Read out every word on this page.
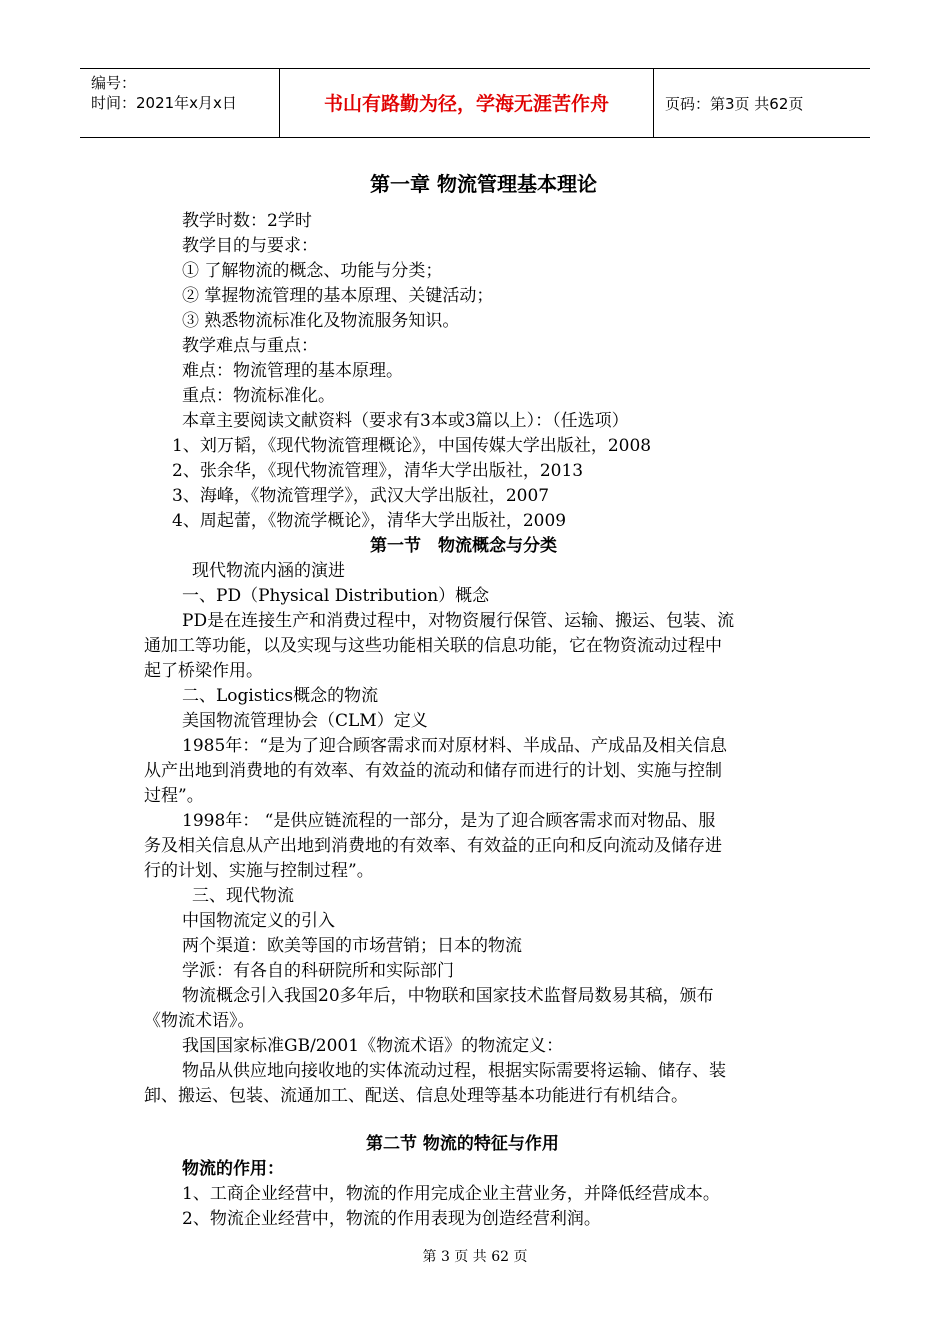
编号：
时间：2021年x月x日	书山有路勤为径，学海无涯苦作舟	页码：第3页 共62页
第一章 物流管理基本理论
教学时数：2学时
教学目的与要求：
① 了解物流的概念、功能与分类；
② 掌握物流管理的基本原理、关键活动；
③ 熟悉物流标准化及物流服务知识。
教学难点与重点：
难点：物流管理的基本原理。
重点：物流标准化。
本章主要阅读文献资料（要求有3本或3篇以上）：（任选项）
1、刘万韬，《现代物流管理概论》，中国传媒大学出版社，2008
2、张余华，《现代物流管理》，清华大学出版社，2013
3、海峰，《物流管理学》，武汉大学出版社，2007
4、周起蕾，《物流学概论》，清华大学出版社，2009
第一节　物流概念与分类
现代物流内涵的演进
一、PD（Physical Distribution）概念
PD是在连接生产和消费过程中，对物资履行保管、运输、搬运、包装、流
通加工等功能，以及实现与这些功能相关联的信息功能，它在物资流动过程中
起了桥梁作用。
二、Logistics概念的物流
美国物流管理协会（CLM）定义
1985年：“是为了迎合顾客需求而对原材料、半成品、产成品及相关信息
从产出地到消费地的有效率、有效益的流动和储存而进行的计划、实施与控制
过程”。
1998年： “是供应链流程的一部分，是为了迎合顾客需求而对物品、服
务及相关信息从产出地到消费地的有效率、有效益的正向和反向流动及储存进
行的计划、实施与控制过程”。
三、现代物流
中国物流定义的引入
两个渠道：欧美等国的市场营销；日本的物流
学派：有各自的科研院所和实际部门
物流概念引入我国20多年后，中物联和国家技术监督局数易其稿，颁布
《物流术语》。
我国国家标准GB/2001《物流术语》的物流定义：
物品从供应地向接收地的实体流动过程，根据实际需要将运输、储存、装
卸、搬运、包装、流通加工、配送、信息处理等基本功能进行有机结合。
第二节 物流的特征与作用
物流的作用：
1、工商企业经营中，物流的作用完成企业主营业务，并降低经营成本。
2、物流企业经营中，物流的作用表现为创造经营利润。
第 3 页 共 62 页
